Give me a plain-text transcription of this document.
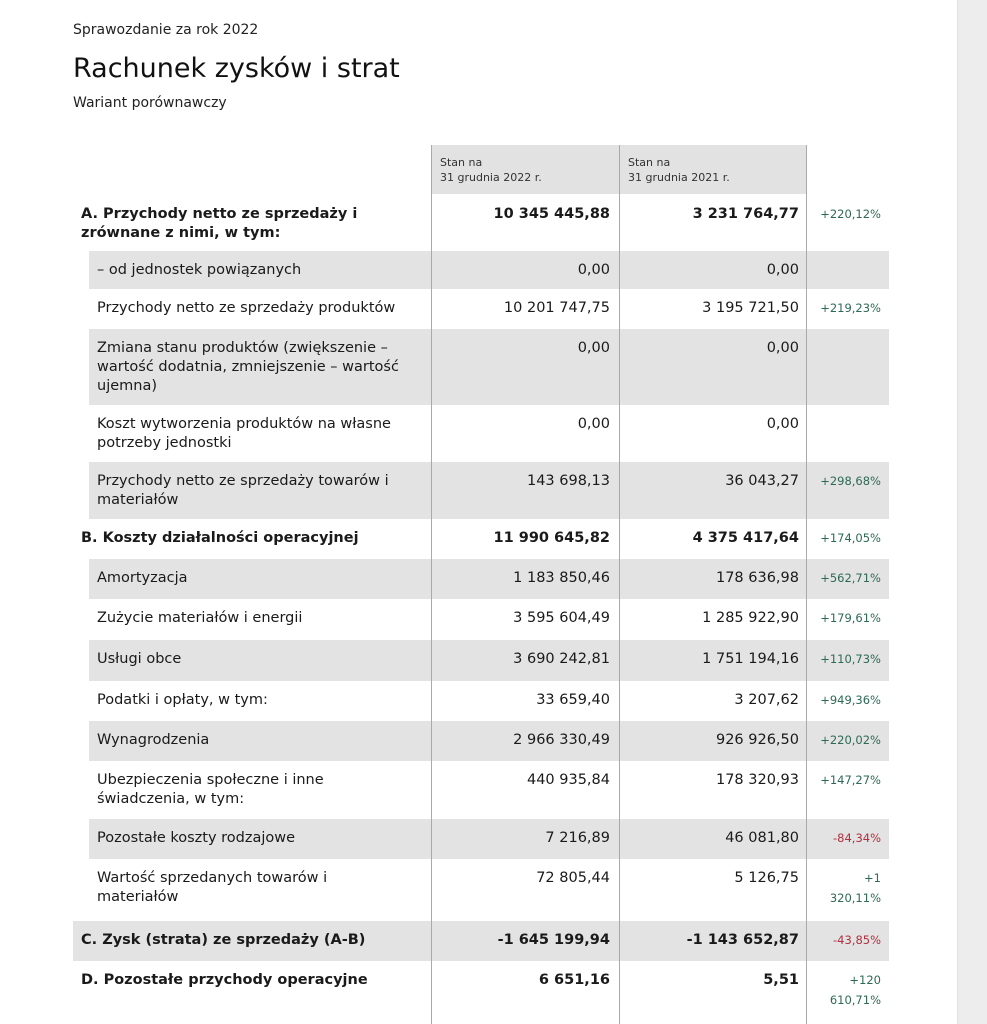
Sprawozdanie za rok 2022

Rachunek zysków i strat

Wariant porównawczy

Stan na
31 grudnia 2022 r.
Stan na
31 grudnia 2021 r.
A. Przychody netto ze sprzedaży i zrównane z nimi, w tym:
10 345 445,88	3 231 764,77	+220,12%
– od jednostek powiązanych	0,00	0,00
Przychody netto ze sprzedaży produktów	10 201 747,75	3 195 721,50	+219,23%
Zmiana stanu produktów (zwiększenie – wartość dodatnia, zmniejszenie – wartość ujemna)
0,00	0,00
Koszt wytworzenia produktów na własne potrzeby jednostki
0,00	0,00
Przychody netto ze sprzedaży towarów i materiałów
143 698,13	36 043,27	+298,68%
B. Koszty działalności operacyjnej	11 990 645,82	4 375 417,64	+174,05%
Amortyzacja	1 183 850,46	178 636,98	+562,71%
Zużycie materiałów i energii	3 595 604,49	1 285 922,90	+179,61%
Usługi obce	3 690 242,81	1 751 194,16	+110,73%
Podatki i opłaty, w tym:	33 659,40	3 207,62	+949,36%
Wynagrodzenia	2 966 330,49	926 926,50	+220,02%
Ubezpieczenia społeczne i inne świadczenia, w tym:
440 935,84	178 320,93	+147,27%
Pozostałe koszty rodzajowe	7 216,89	46 081,80	-84,34%
Wartość sprzedanych towarów i materiałów
72 805,44	5 126,75	+1 320,11%
C. Zysk (strata) ze sprzedaży (A-B)	-1 645 199,94	-1 143 652,87	-43,85%
D. Pozostałe przychody operacyjne	6 651,16	5,51	+120 610,71%
